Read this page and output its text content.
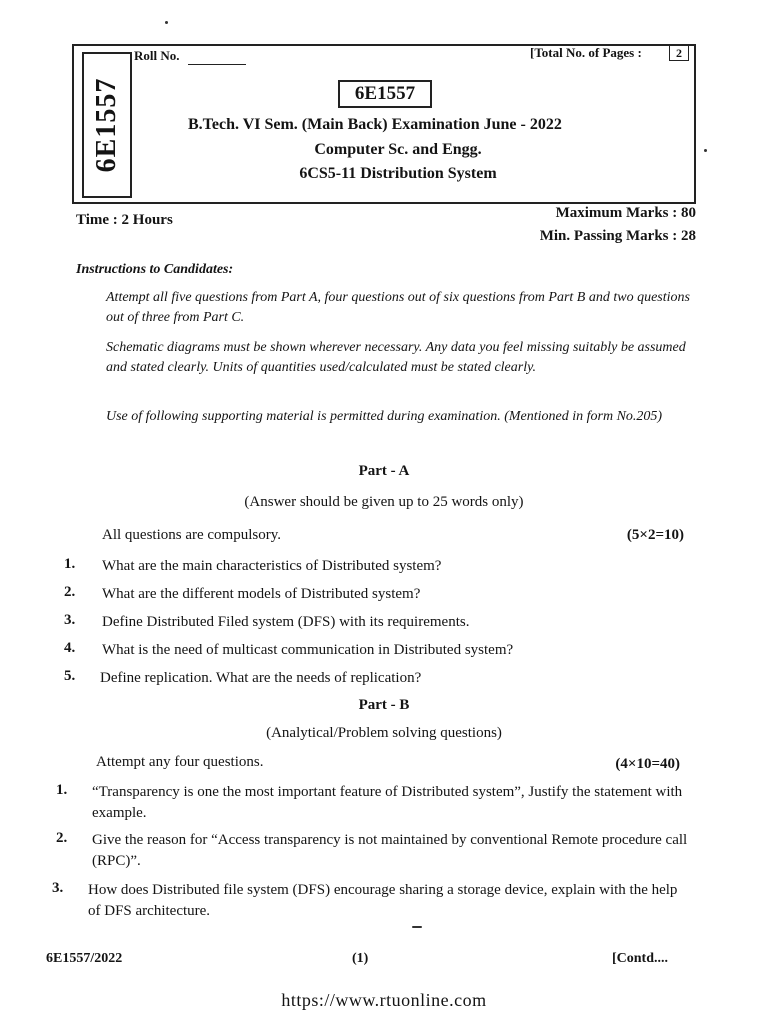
6E1557
Roll No.	[Total No. of Pages :	2
6E1557
B.Tech. VI Sem. (Main Back) Examination June - 2022
Computer Sc. and Engg.
6CS5-11 Distribution System
Time : 2 Hours	Maximum Marks : 80
Min. Passing Marks : 28
Instructions to Candidates:
Attempt all five questions from Part A, four questions out of six questions from Part B and two questions out of three from Part C.
Schematic diagrams must be shown wherever necessary. Any data you feel missing suitably be assumed and stated clearly. Units of quantities used/calculated must be stated clearly.
Use of following supporting material is permitted during examination. (Mentioned in form No.205)
Part - A
(Answer should be given up to 25 words only)
All questions are compulsory.	(5×2=10)
1. What are the main characteristics of Distributed system?
2. What are the different models of Distributed system?
3. Define Distributed Filed system (DFS) with its requirements.
4. What is the need of multicast communication in Distributed system?
5. Define replication. What are the needs of replication?
Part - B
(Analytical/Problem solving questions)
Attempt any four questions.	(4×10=40)
1. “Transparency is one the most important feature of Distributed system”, Justify the statement with example.
2. Give the reason for “Access transparency is not maintained by conventional Remote procedure call (RPC)”.
3. How does Distributed file system (DFS) encourage sharing a storage device, explain with the help of DFS architecture.
6E1557/2022	(1)	[Contd....
https://www.rtuonline.com
